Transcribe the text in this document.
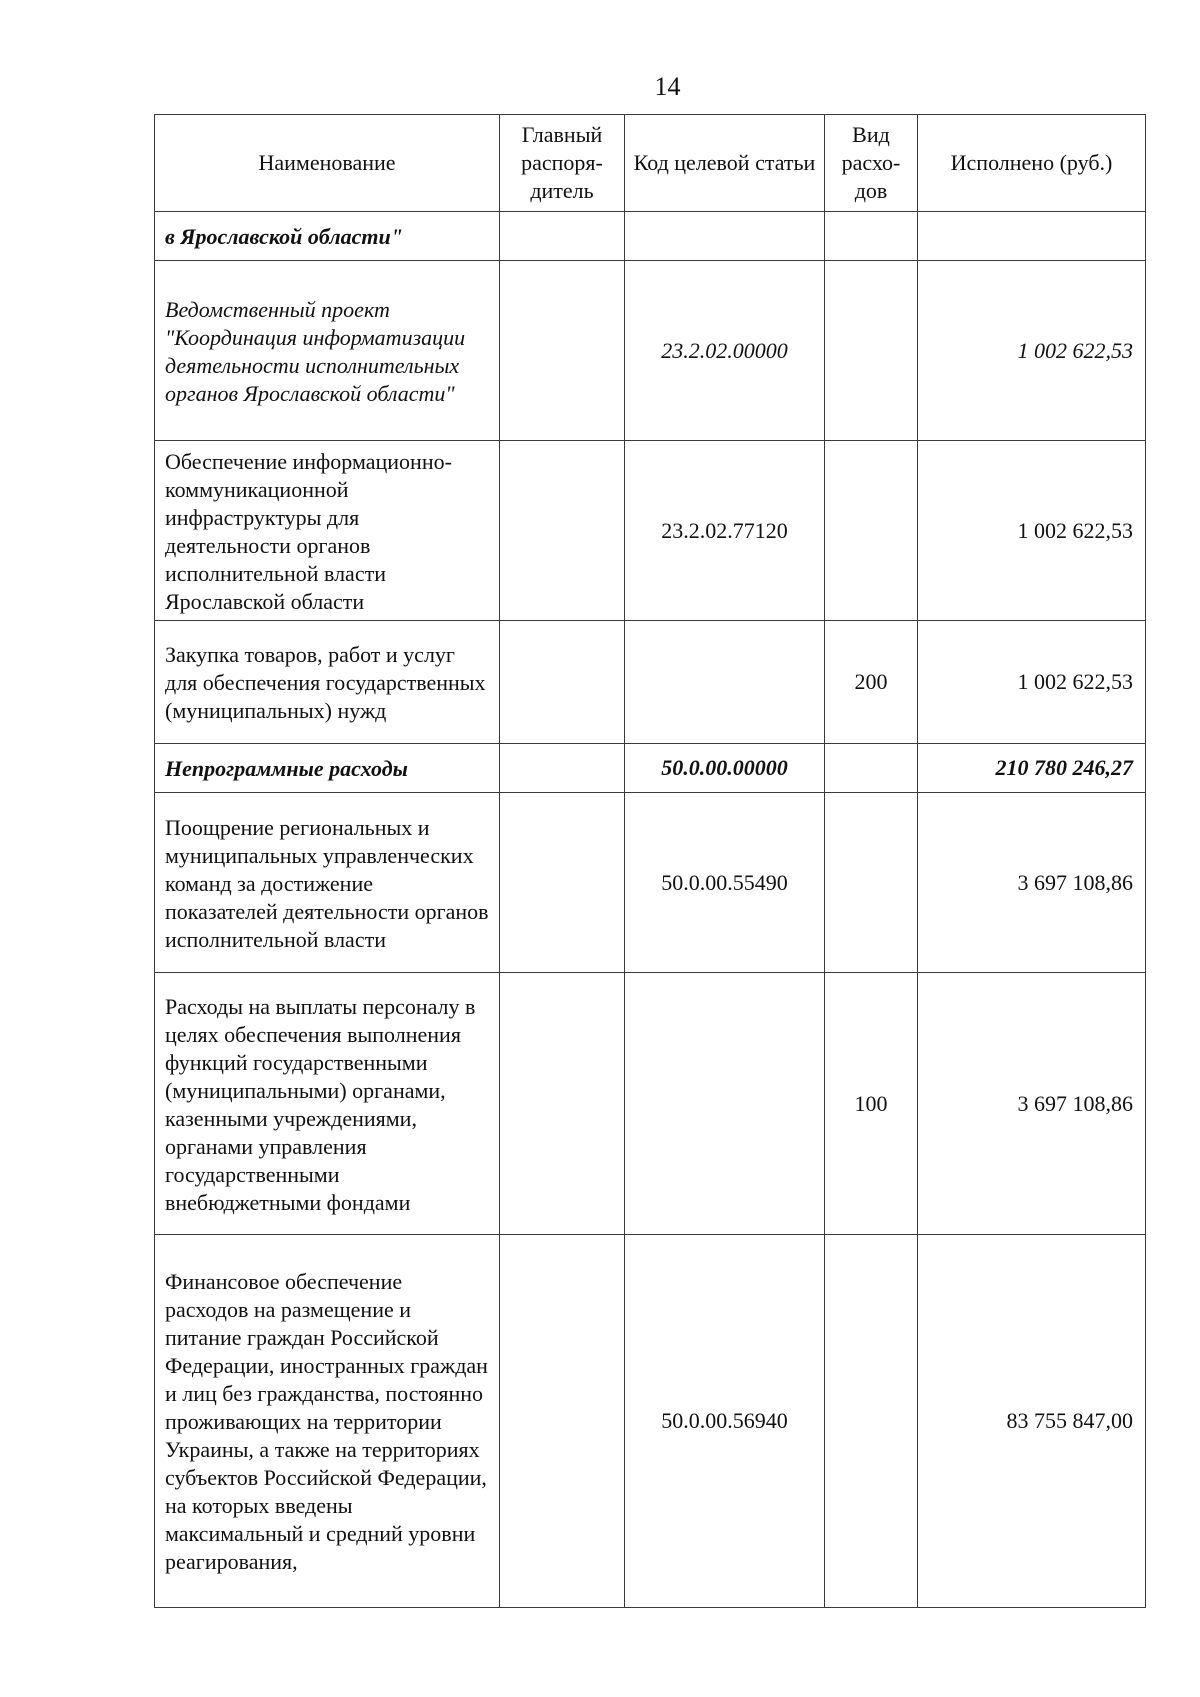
14
Наименование	Главный распоря-дитель	Код целевой статьи	Вид расхо-дов	Исполнено (руб.)
в Ярославской области"				
Ведомственный проект "Координация информатизации деятельности исполнительных органов Ярославской области"		23.2.02.00000		1 002 622,53
Обеспечение информационно-коммуникационной инфраструктуры для деятельности органов исполнительной власти Ярославской области		23.2.02.77120		1 002 622,53
Закупка товаров, работ и услуг для обеспечения государственных (муниципальных) нужд			200	1 002 622,53
Непрограммные расходы		50.0.00.00000		210 780 246,27
Поощрение региональных и муниципальных управленческих команд за достижение показателей деятельности органов исполнительной власти		50.0.00.55490		3 697 108,86
Расходы на выплаты персоналу в целях обеспечения выполнения функций государственными (муниципальными) органами, казенными учреждениями, органами управления государственными внебюджетными фондами			100	3 697 108,86
Финансовое обеспечение расходов на размещение и питание граждан Российской Федерации, иностранных граждан и лиц без гражданства, постоянно проживающих на территории Украины, а также на территориях субъектов Российской Федерации, на которых введены максимальный и средний уровни реагирования,		50.0.00.56940		83 755 847,00
